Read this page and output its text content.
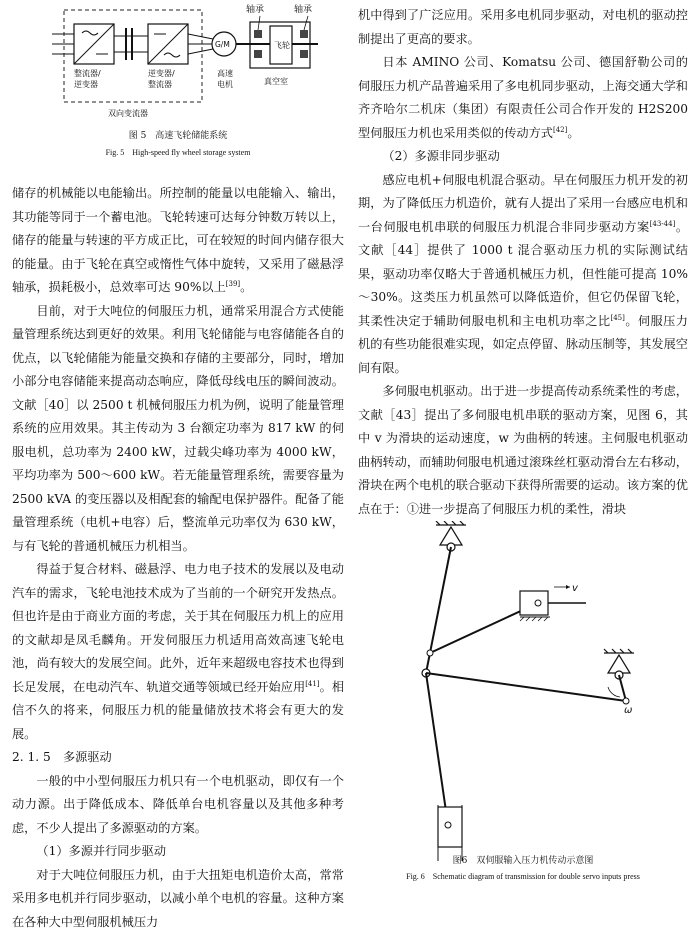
轴承	轴承
G/M	飞轮
整流器/
逆变器
逆变器/
整流器
高速
电机	真空室
双向变流器

图 5　高速飞轮储能系统

Fig. 5　High-speed fly wheel storage system

储存的机械能以电能输出。所控制的能量以电能输入、输出，其功能等同于一个蓄电池。飞轮转速可达每分钟数万转以上，储存的能量与转速的平方成正比，可在较短的时间内储存很大的能量。由于飞轮在真空或惰性气体中旋转，又采用了磁悬浮轴承，损耗极小，总效率可达 90%以上[39]。

目前，对于大吨位的伺服压力机，通常采用混合方式使能量管理系统达到更好的效果。利用飞轮储能与电容储能各自的优点，以飞轮储能为能量交换和存储的主要部分，同时，增加小部分电容储能来提高动态响应，降低母线电压的瞬间波动。文献［40］以 2500 t 机械伺服压力机为例，说明了能量管理系统的应用效果。其主传动为 3 台额定功率为 817 kW 的伺服电机，总功率为 2400 kW，过载尖峰功率为 4000 kW，平均功率为 500～600 kW。若无能量管理系统，需要容量为 2500 kVA 的变压器以及相配套的输配电保护器件。配备了能量管理系统（电机+电容）后，整流单元功率仅为 630 kW，与有飞轮的普通机械压力机相当。

得益于复合材料、磁悬浮、电力电子技术的发展以及电动汽车的需求，飞轮电池技术成为了当前的一个研究开发热点。但也许是由于商业方面的考虑，关于其在伺服压力机上的应用的文献却是凤毛麟角。开发伺服压力机适用高效高速飞轮电池，尚有较大的发展空间。此外，近年来超级电容技术也得到长足发展，在电动汽车、轨道交通等领域已经开始应用[41]。相信不久的将来，伺服压力机的能量储放技术将会有更大的发展。

2. 1. 5　多源驱动

一般的中小型伺服压力机只有一个电机驱动，即仅有一个动力源。出于降低成本、降低单台电机容量以及其他多种考虑，不少人提出了多源驱动的方案。

（1）多源并行同步驱动

对于大吨位伺服压力机，由于大扭矩电机造价太高，常常采用多电机并行同步驱动，以减小单个电机的容量。这种方案在各种大中型伺服机械压力

机中得到了广泛应用。采用多电机同步驱动，对电机的驱动控制提出了更高的要求。

日本 AMINO 公司、Komatsu 公司、德国舒勒公司的伺服压力机产品普遍采用了多电机同步驱动，上海交通大学和齐齐哈尔二机床（集团）有限责任公司合作开发的 H2S200 型伺服压力机也采用类似的传动方式[42]。

（2）多源非同步驱动

感应电机+伺服电机混合驱动。早在伺服压力机开发的初期，为了降低压力机造价，就有人提出了采用一台感应电机和一台伺服电机串联的伺服压力机混合非同步驱动方案[43-44]。文献［44］提供了 1000 t 混合驱动压力机的实际测试结果，驱动功率仅略大于普通机械压力机，但性能可提高 10%～30%。这类压力机虽然可以降低造价，但它仍保留飞轮，其柔性决定于辅助伺服电机和主电机功率之比[45]。伺服压力机的有些功能很难实现，如定点停留、脉动压制等，其发展空间有限。

多伺服电机驱动。出于进一步提高传动系统柔性的考虑，文献［43］提出了多伺服电机串联的驱动方案，见图 6，其中 v 为滑块的运动速度，w 为曲柄的转速。主伺服电机驱动曲柄转动，而辅助伺服电机通过滚珠丝杠驱动滑台左右移动，滑块在两个电机的联合驱动下获得所需要的运动。该方案的优点在于：①进一步提高了伺服压力机的柔性，滑块

v
ω

图6　双伺服输入压力机传动示意图

Fig. 6　Schematic diagram of transmission for double servo inputs press
